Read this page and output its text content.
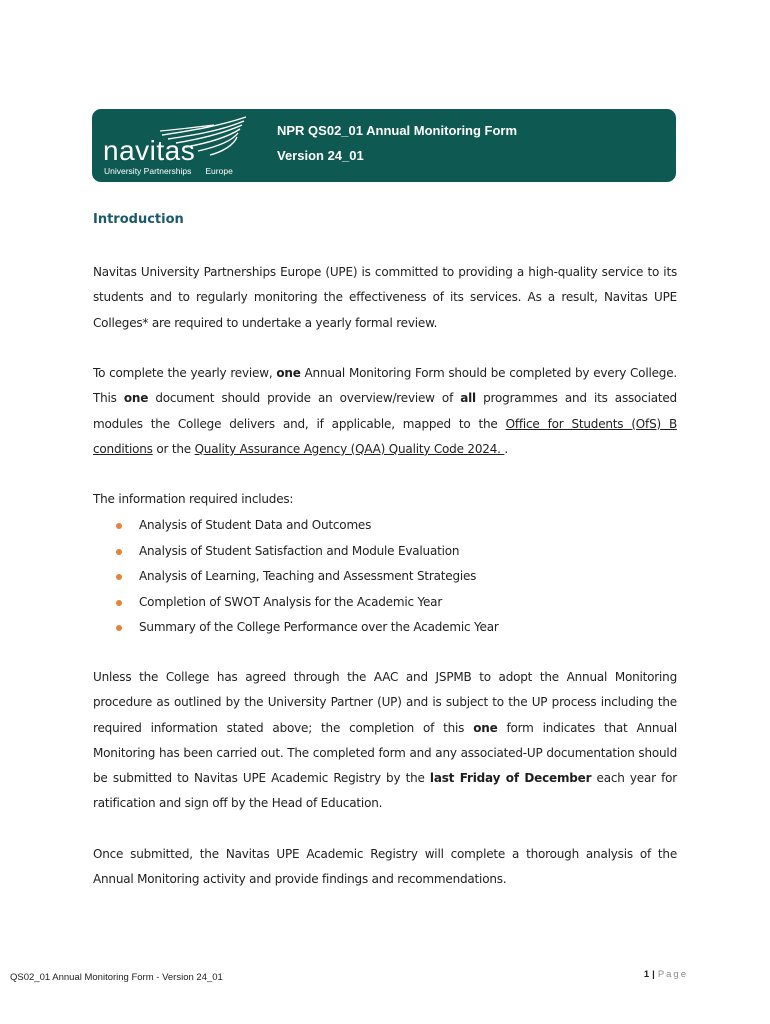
navitas
University Partnerships Europe
NPR QS02_01 Annual Monitoring Form
Version 24_01
Introduction

Navitas University Partnerships Europe (UPE) is committed to providing a high-quality service to its students and to regularly monitoring the effectiveness of its services. As a result, Navitas UPE Colleges* are required to undertake a yearly formal review.

To complete the yearly review, one Annual Monitoring Form should be completed by every College. This one document should provide an overview/review of all programmes and its associated modules the College delivers and, if applicable, mapped to the Office for Students (OfS) B conditions or the Quality Assurance Agency (QAA) Quality Code 2024. .

The information required includes:

Analysis of Student Data and Outcomes
Analysis of Student Satisfaction and Module Evaluation
Analysis of Learning, Teaching and Assessment Strategies
Completion of SWOT Analysis for the Academic Year
Summary of the College Performance over the Academic Year

Unless the College has agreed through the AAC and JSPMB to adopt the Annual Monitoring procedure as outlined by the University Partner (UP) and is subject to the UP process including the required information stated above; the completion of this one form indicates that Annual Monitoring has been carried out. The completed form and any associated-UP documentation should be submitted to Navitas UPE Academic Registry by the last Friday of December each year for ratification and sign off by the Head of Education.

Once submitted, the Navitas UPE Academic Registry will complete a thorough analysis of the Annual Monitoring activity and provide findings and recommendations.

QS02_01 Annual Monitoring Form - Version 24_01	1 | Page
